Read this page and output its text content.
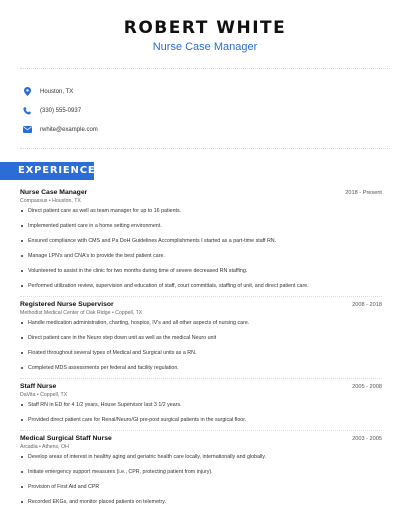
ROBERT WHITE
Nurse Case Manager
Houston, TX
(330) 555-0937
rwhite@example.com
EXPERIENCE
Nurse Case Manager	2018 - Present
Compassus • Houston, TX
Direct patient care as well as team manager for up to 16 patients.
Implemented patient care in a home setting environment.
Ensured compliance with CMS and Pa DoH Guidelines Accomplishments I started as a part-time staff RN.
Manage LPN's and CNA's to provide the best patient care.
Volunteered to assist in the clinic for two months during time of severe decreased RN staffing.
Performed utilization review, supervision and education of staff, court committals, staffing of unit, and direct patient care.
Registered Nurse Supervisor	2008 - 2018
Methodist Medical Center of Oak Ridge • Coppell, TX
Handle medication administration, charting, hospice, IV's and all other aspects of nursing care.
Direct patient care in the Neuro step down unit as well as the medical Neuro unit
Floated throughout several types of Medical and Surgical units as a RN.
Completed MDS assessments per federal and facility regulation.
Staff Nurse	2005 - 2008
DaVita • Coppell, TX
Staff RN in ED for 4 1/2 years, House Supervisor last 3 1/2 years.
Provided direct patient care for Renal/Neuro/GI pre-post surgical patients in the surgical floor.
Medical Surgical Staff Nurse	2003 - 2005
Arcadia • Athens, OH
Develop areas of interest in healthy aging and geriatric health care locally, internationally and globally.
Initiate emergency support measures (i.e., CPR, protecting patient from injury).
Provision of First Aid and CPR
Recorded EKGs, and monitor placed patients on telemetry.
